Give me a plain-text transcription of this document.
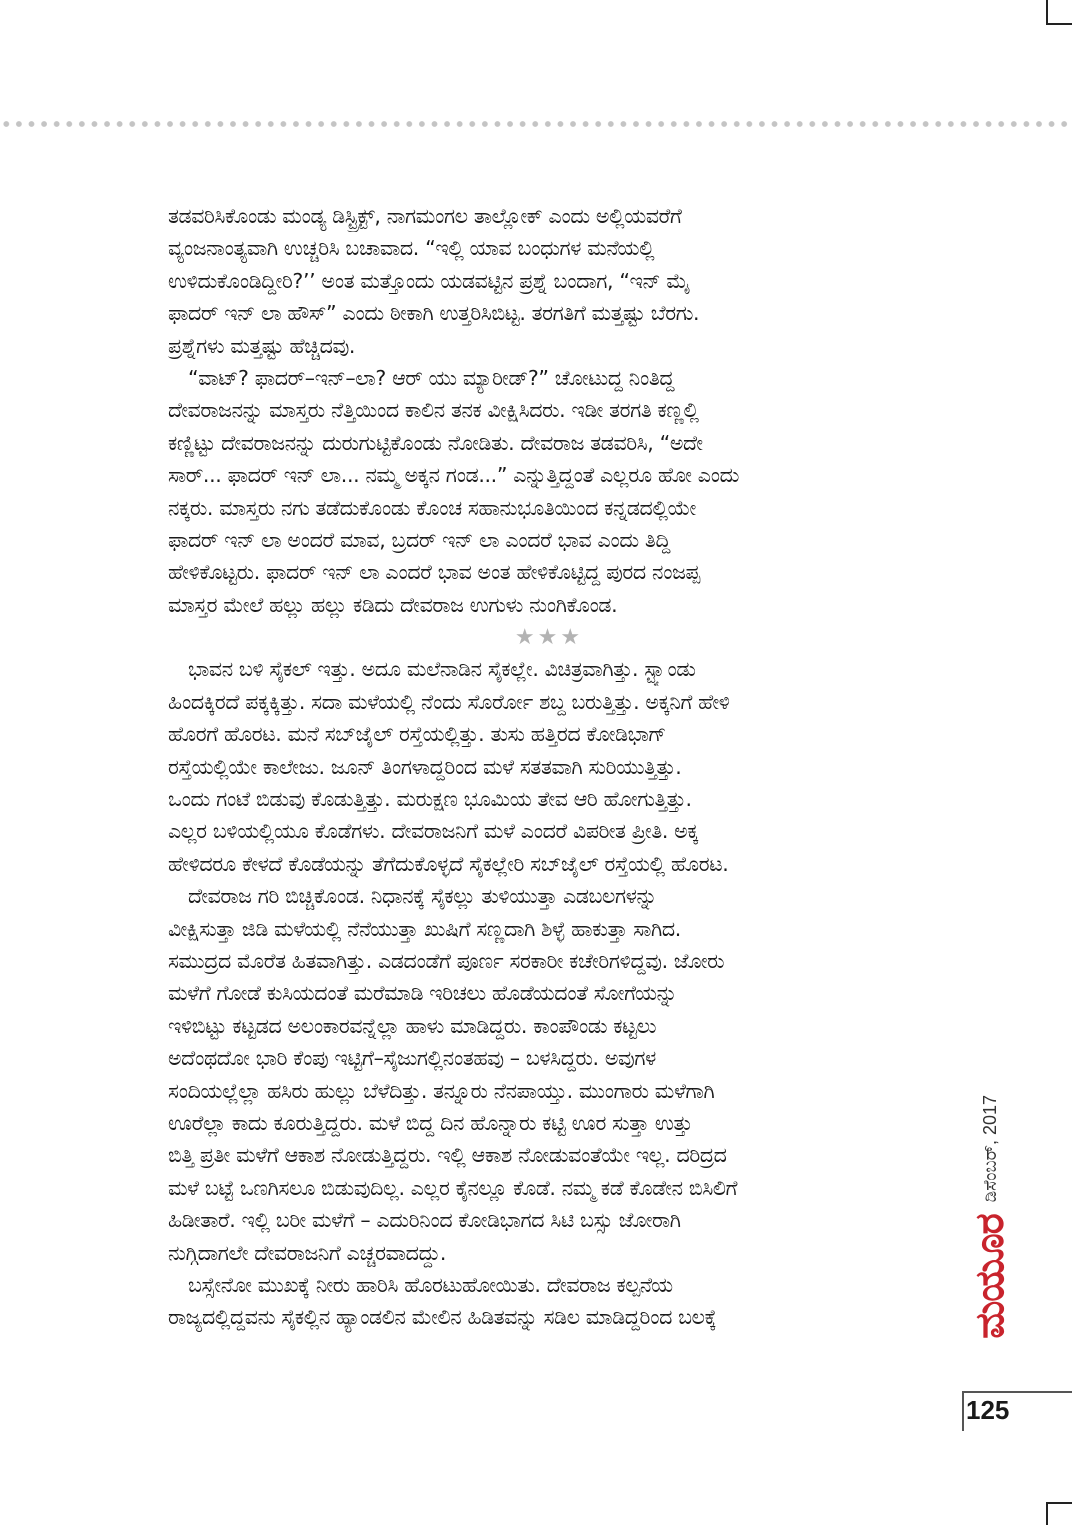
ತಡವರಿಸಿಕೊಂಡು ಮಂಡ್ಯ ಡಿಸ್ಟ್ರಿಕ್ಟ್, ನಾಗಮಂಗಲ ತಾಲ್ಲೋಕ್ ಎಂದು ಅಲ್ಲಿಯವರೆಗೆ
ವ್ಯಂಜನಾಂತ್ಯವಾಗಿ ಉಚ್ಚರಿಸಿ ಬಚಾವಾದ. “ಇಲ್ಲಿ ಯಾವ ಬಂಧುಗಳ ಮನೆಯಲ್ಲಿ
ಉಳಿದುಕೊಂಡಿದ್ದೀರಿ?’’ ಅಂತ ಮತ್ತೊಂದು ಯಡವಟ್ಟಿನ ಪ್ರಶ್ನೆ ಬಂದಾಗ, “ಇನ್ ಮೈ
ಫಾದರ್ ಇನ್ ಲಾ ಹೌಸ್” ಎಂದು ಠೀಕಾಗಿ ಉತ್ತರಿಸಿಬಿಟ್ಟ. ತರಗತಿಗೆ ಮತ್ತಷ್ಟು ಬೆರಗು.
ಪ್ರಶ್ನೆಗಳು ಮತ್ತಷ್ಟು ಹೆಚ್ಚಿದವು.
“ವಾಟ್? ಫಾದರ್–ಇನ್–ಲಾ? ಆರ್ ಯು ಮ್ಯಾರೀಡ್?” ಚೋಟುದ್ದ ನಿಂತಿದ್ದ
ದೇವರಾಜನನ್ನು ಮಾಸ್ತರು ನೆತ್ತಿಯಿಂದ ಕಾಲಿನ ತನಕ ವೀಕ್ಷಿಸಿದರು. ಇಡೀ ತರಗತಿ ಕಣ್ಣಲ್ಲಿ
ಕಣ್ಣಿಟ್ಟು ದೇವರಾಜನನ್ನು ದುರುಗುಟ್ಟಿಕೊಂಡು ನೋಡಿತು. ದೇವರಾಜ ತಡವರಿಸಿ, “ಅದೇ
ಸಾರ್... ಫಾದರ್ ಇನ್ ಲಾ... ನಮ್ಮ ಅಕ್ಕನ ಗಂಡ...” ಎನ್ನುತ್ತಿದ್ದಂತೆ ಎಲ್ಲರೂ ಹೋ ಎಂದು
ನಕ್ಕರು. ಮಾಸ್ತರು ನಗು ತಡೆದುಕೊಂಡು ಕೊಂಚ ಸಹಾನುಭೂತಿಯಿಂದ ಕನ್ನಡದಲ್ಲಿಯೇ
ಫಾದರ್ ಇನ್ ಲಾ ಅಂದರೆ ಮಾವ, ಬ್ರದರ್ ಇನ್ ಲಾ ಎಂದರೆ ಭಾವ ಎಂದು ತಿದ್ದಿ
ಹೇಳಿಕೊಟ್ಟರು. ಫಾದರ್ ಇನ್ ಲಾ ಎಂದರೆ ಭಾವ ಅಂತ ಹೇಳಿಕೊಟ್ಟಿದ್ದ ಪುರದ ನಂಜಪ್ಪ
ಮಾಸ್ತರ ಮೇಲೆ ಹಲ್ಲು ಹಲ್ಲು ಕಡಿದು ದೇವರಾಜ ಉಗುಳು ನುಂಗಿಕೊಂಡ.
★★★
ಭಾವನ ಬಳಿ ಸೈಕಲ್ ಇತ್ತು. ಅದೂ ಮಲೆನಾಡಿನ ಸೈಕಲ್ಲೇ. ವಿಚಿತ್ರವಾಗಿತ್ತು. ಸ್ಟ್ಯಾಂಡು
ಹಿಂದಕ್ಕಿರದೆ ಪಕ್ಕಕ್ಕಿತ್ತು. ಸದಾ ಮಳೆಯಲ್ಲಿ ನೆಂದು ಸೊರ್ರೋ ಶಬ್ದ ಬರುತ್ತಿತ್ತು. ಅಕ್ಕನಿಗೆ ಹೇಳಿ
ಹೊರಗೆ ಹೊರಟ. ಮನೆ ಸಬ್‌ಜೈಲ್ ರಸ್ತೆಯಲ್ಲಿತ್ತು. ತುಸು ಹತ್ತಿರದ ಕೋಡಿಭಾಗ್
ರಸ್ತೆಯಲ್ಲಿಯೇ ಕಾಲೇಜು. ಜೂನ್ ತಿಂಗಳಾದ್ದರಿಂದ ಮಳೆ ಸತತವಾಗಿ ಸುರಿಯುತ್ತಿತ್ತು.
ಒಂದು ಗಂಟೆ ಬಿಡುವು ಕೊಡುತ್ತಿತ್ತು. ಮರುಕ್ಷಣ ಭೂಮಿಯ ತೇವ ಆರಿ ಹೋಗುತ್ತಿತ್ತು.
ಎಲ್ಲರ ಬಳಿಯಲ್ಲಿಯೂ ಕೊಡೆಗಳು. ದೇವರಾಜನಿಗೆ ಮಳೆ ಎಂದರೆ ವಿಪರೀತ ಪ್ರೀತಿ. ಅಕ್ಕ
ಹೇಳಿದರೂ ಕೇಳದೆ ಕೊಡೆಯನ್ನು ತೆಗೆದುಕೊಳ್ಳದೆ ಸೈಕಲ್ಲೇರಿ ಸಬ್‌ಜೈಲ್ ರಸ್ತೆಯಲ್ಲಿ ಹೊರಟ.
ದೇವರಾಜ ಗರಿ ಬಿಚ್ಚಿಕೊಂಡ. ನಿಧಾನಕ್ಕೆ ಸೈಕಲ್ಲು ತುಳಿಯುತ್ತಾ ಎಡಬಲಗಳನ್ನು
ವೀಕ್ಷಿಸುತ್ತಾ ಜಿಡಿ ಮಳೆಯಲ್ಲಿ ನೆನೆಯುತ್ತಾ ಖುಷಿಗೆ ಸಣ್ಣದಾಗಿ ಶಿಳ್ಳೆ ಹಾಕುತ್ತಾ ಸಾಗಿದ.
ಸಮುದ್ರದ ಮೊರೆತ ಹಿತವಾಗಿತ್ತು. ಎಡದಂಡೆಗೆ ಪೂರ್ಣ ಸರಕಾರೀ ಕಚೇರಿಗಳಿದ್ದವು. ಜೋರು
ಮಳೆಗೆ ಗೋಡೆ ಕುಸಿಯದಂತೆ ಮರೆಮಾಡಿ ಇರಿಚಲು ಹೊಡೆಯದಂತೆ ಸೋಗೆಯನ್ನು
ಇಳಿಬಿಟ್ಟು ಕಟ್ಟಡದ ಅಲಂಕಾರವನ್ನೆಲ್ಲಾ ಹಾಳು ಮಾಡಿದ್ದರು. ಕಾಂಪೌಂಡು ಕಟ್ಟಲು
ಅದೆಂಥದೋ ಭಾರಿ ಕೆಂಪು ಇಟ್ಟಿಗೆ–ಸೈಜುಗಲ್ಲಿನಂತಹವು – ಬಳಸಿದ್ದರು. ಅವುಗಳ
ಸಂದಿಯಲ್ಲೆಲ್ಲಾ ಹಸಿರು ಹುಲ್ಲು ಬೆಳೆದಿತ್ತು. ತನ್ನೂರು ನೆನಪಾಯ್ತು. ಮುಂಗಾರು ಮಳೆಗಾಗಿ
ಊರೆಲ್ಲಾ ಕಾದು ಕೂರುತ್ತಿದ್ದರು. ಮಳೆ ಬಿದ್ದ ದಿನ ಹೊನ್ನಾರು ಕಟ್ಟಿ ಊರ ಸುತ್ತಾ ಉತ್ತು
ಬಿತ್ತಿ ಪ್ರತೀ ಮಳೆಗೆ ಆಕಾಶ ನೋಡುತ್ತಿದ್ದರು. ಇಲ್ಲಿ ಆಕಾಶ ನೋಡುವಂತೆಯೇ ಇಲ್ಲ. ದರಿದ್ರದ
ಮಳೆ ಬಟ್ಟೆ ಒಣಗಿಸಲೂ ಬಿಡುವುದಿಲ್ಲ. ಎಲ್ಲರ ಕೈನಲ್ಲೂ ಕೊಡೆ. ನಮ್ಮ ಕಡೆ ಕೊಡೇನ ಬಿಸಿಲಿಗೆ
ಹಿಡೀತಾರೆ. ಇಲ್ಲಿ ಬರೀ ಮಳೆಗೆ – ಎದುರಿನಿಂದ ಕೋಡಿಭಾಗದ ಸಿಟಿ ಬಸ್ಸು ಜೋರಾಗಿ
ನುಗ್ಗಿದಾಗಲೇ ದೇವರಾಜನಿಗೆ ಎಚ್ಚರವಾದದ್ದು.
ಬಸ್ಸೇನೋ ಮುಖಕ್ಕೆ ನೀರು ಹಾರಿಸಿ ಹೊರಟುಹೋಯಿತು. ದೇವರಾಜ ಕಲ್ಪನೆಯ
ರಾಜ್ಯದಲ್ಲಿದ್ದವನು ಸೈಕಲ್ಲಿನ ಹ್ಯಾಂಡಲಿನ ಮೇಲಿನ ಹಿಡಿತವನ್ನು ಸಡಿಲ ಮಾಡಿದ್ದರಿಂದ ಬಲಕ್ಕೆ	ಮಯೂರ
ಡಿಸೆಂಬರ್, 2017
125
